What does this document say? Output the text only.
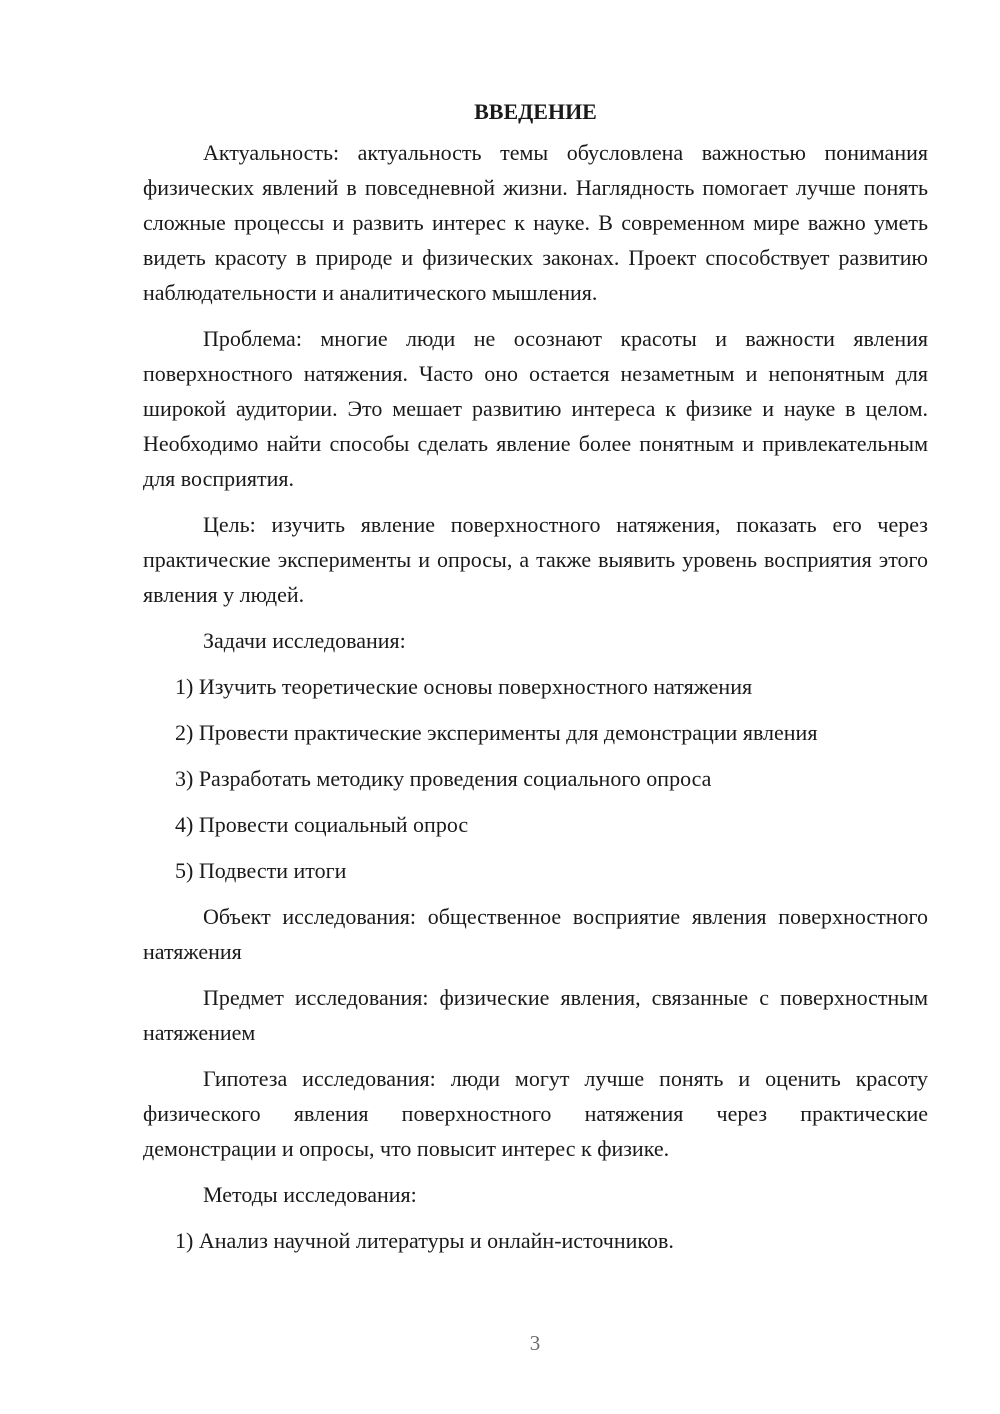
ВВЕДЕНИЕ

Актуальность: актуальность темы обусловлена важностью понимания физических явлений в повседневной жизни. Наглядность помогает лучше понять сложные процессы и развить интерес к науке. В современном мире важно уметь видеть красоту в природе и физических законах. Проект способствует развитию наблюдательности и аналитического мышления.

Проблема: многие люди не осознают красоты и важности явления поверхностного натяжения. Часто оно остается незаметным и непонятным для широкой аудитории. Это мешает развитию интереса к физике и науке в целом. Необходимо найти способы сделать явление более понятным и привлекательным для восприятия.

Цель: изучить явление поверхностного натяжения, показать его через практические эксперименты и опросы, а также выявить уровень восприятия этого явления у людей.

Задачи исследования:

1) Изучить теоретические основы поверхностного натяжения
2) Провести практические эксперименты для демонстрации явления
3) Разработать методику проведения социального опроса
4) Провести социальный опрос
5) Подвести итоги

Объект исследования: общественное восприятие явления поверхностного натяжения

Предмет исследования: физические явления, связанные с поверхностным натяжением

Гипотеза исследования: люди могут лучше понять и оценить красоту физического явления поверхностного натяжения через практические демонстрации и опросы, что повысит интерес к физике.

Методы исследования:

1) Анализ научной литературы и онлайн-источников.
3
